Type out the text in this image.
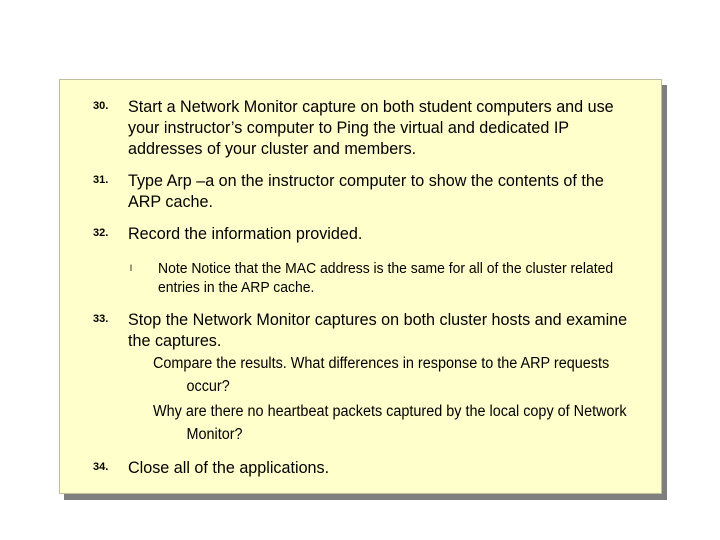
30. Start a Network Monitor capture on both student computers and use your instructor’s computer to Ping the virtual and dedicated IP addresses of your cluster and members.
31. Type Arp –a on the instructor computer to show the contents of the ARP cache.
32. Record the information provided.
l Note Notice that the MAC address is the same for all of the cluster related entries in the ARP cache.
33. Stop the Network Monitor captures on both cluster hosts and examine the captures.
Compare the results. What differences in response to the ARP requests occur?
Why are there no heartbeat packets captured by the local copy of Network Monitor?
34. Close all of the applications.
